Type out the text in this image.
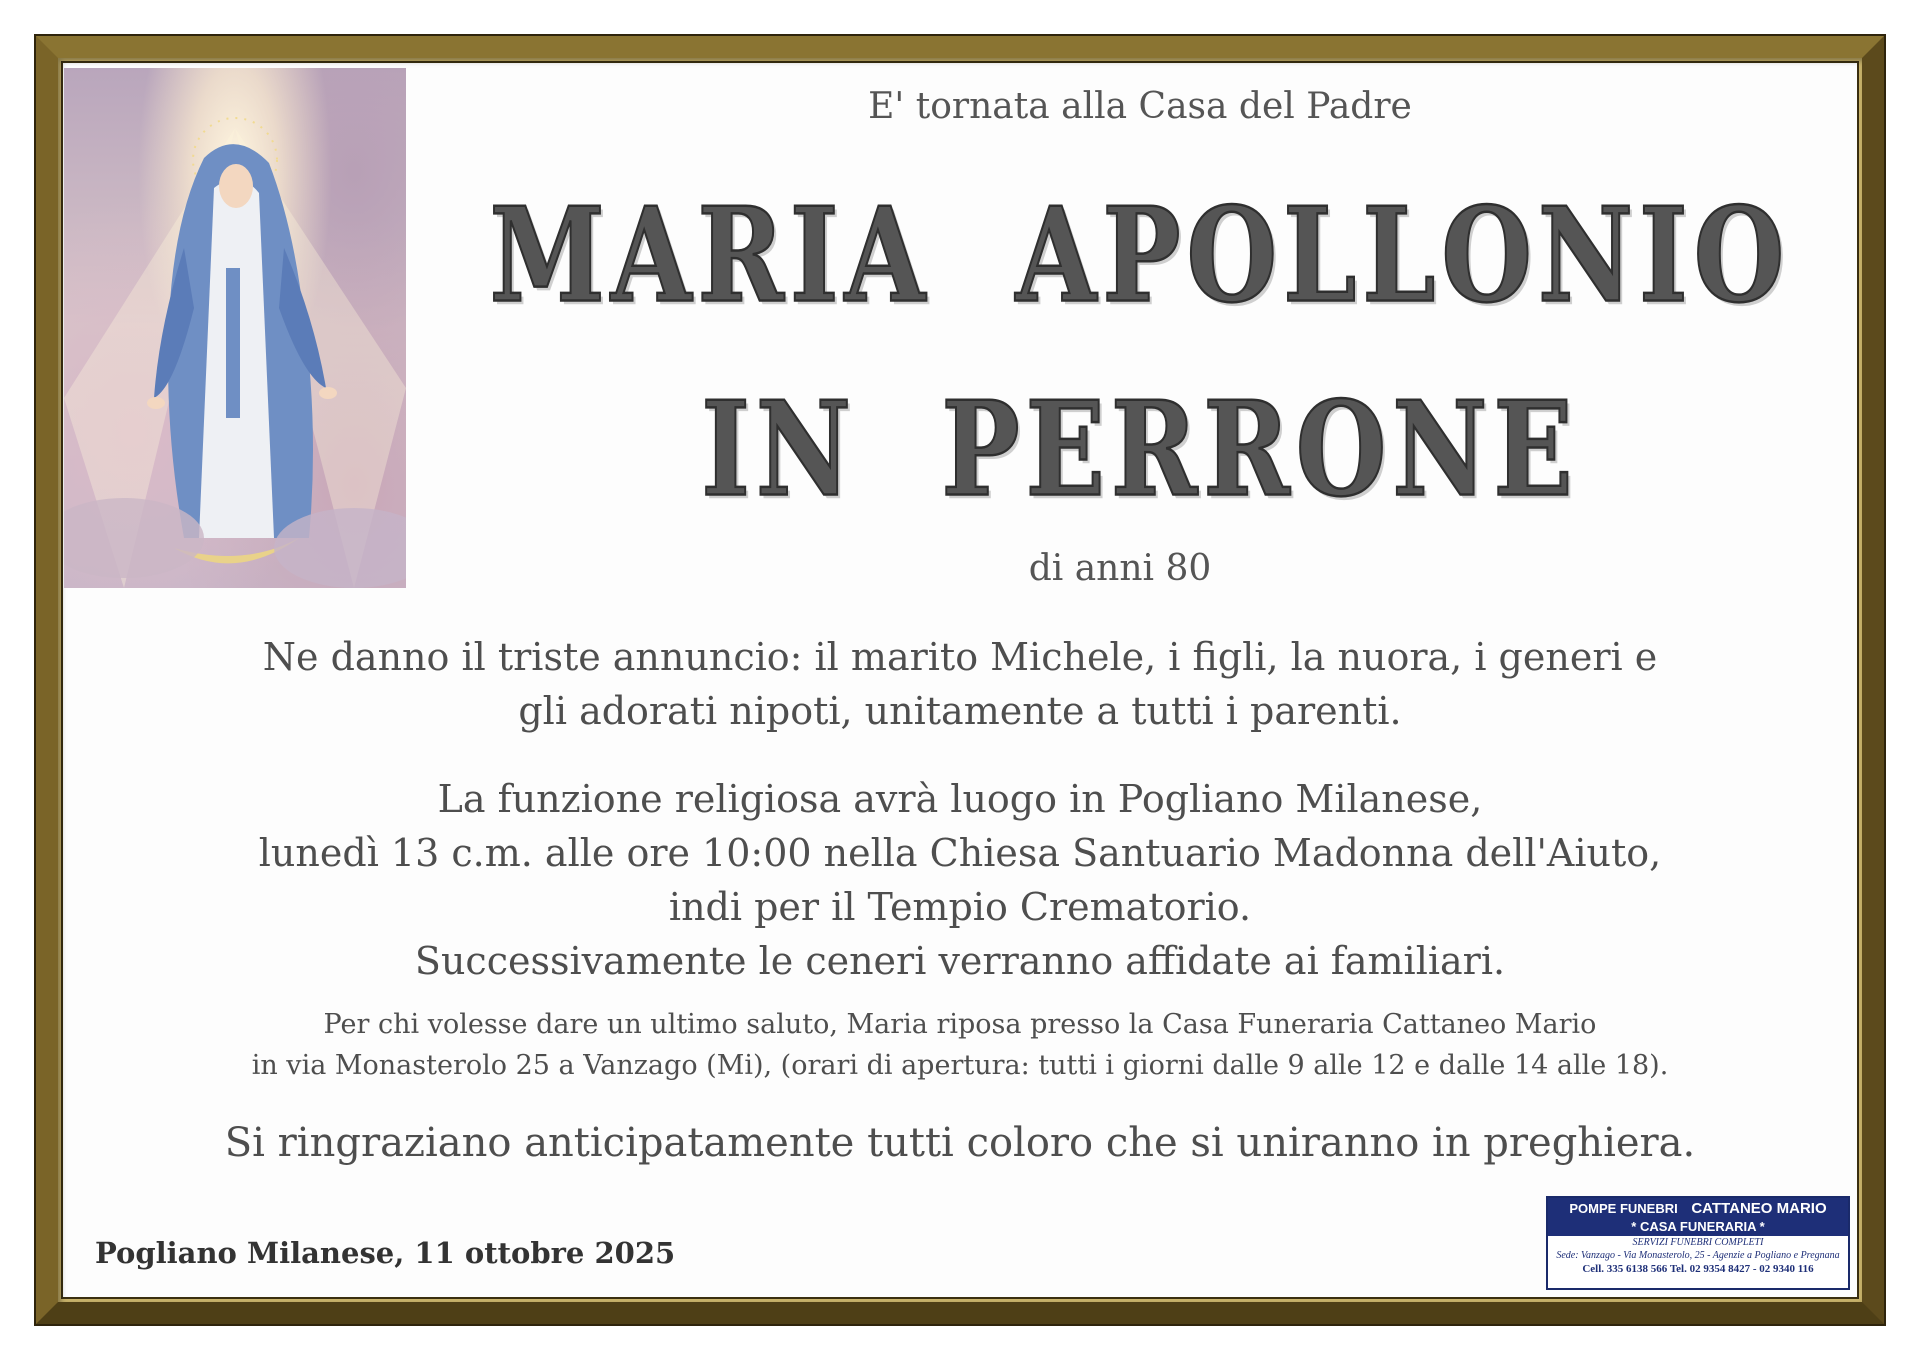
E' tornata alla Casa del Padre
MARIA  APOLLONIO
IN  PERRONE
di anni 80
Ne danno il triste annuncio: il marito Michele, i figli, la nuora, i generi e
gli adorati nipoti, unitamente a tutti i parenti.
La funzione religiosa avrà luogo in Pogliano Milanese,
lunedì 13 c.m. alle ore 10:00 nella Chiesa Santuario Madonna dell'Aiuto,
indi per il Tempio Crematorio.
Successivamente le ceneri verranno affidate ai familiari.
Per chi volesse dare un ultimo saluto, Maria riposa presso la Casa Funeraria Cattaneo Mario
in via Monasterolo 25 a Vanzago (Mi), (orari di apertura: tutti i giorni dalle 9 alle 12 e dalle 14 alle 18).
Si ringraziano anticipatamente tutti coloro che si uniranno in preghiera.
Pogliano Milanese, 11 ottobre 2025
POMPE FUNEBRI CATTANEO MARIO
* CASA FUNERARIA *
SERVIZI FUNEBRI COMPLETI
Sede: Vanzago - Via Monasterolo, 25 - Agenzie a Pogliano e Pregnana
Cell. 335 6138 566 Tel. 02 9354 8427 - 02 9340 116
